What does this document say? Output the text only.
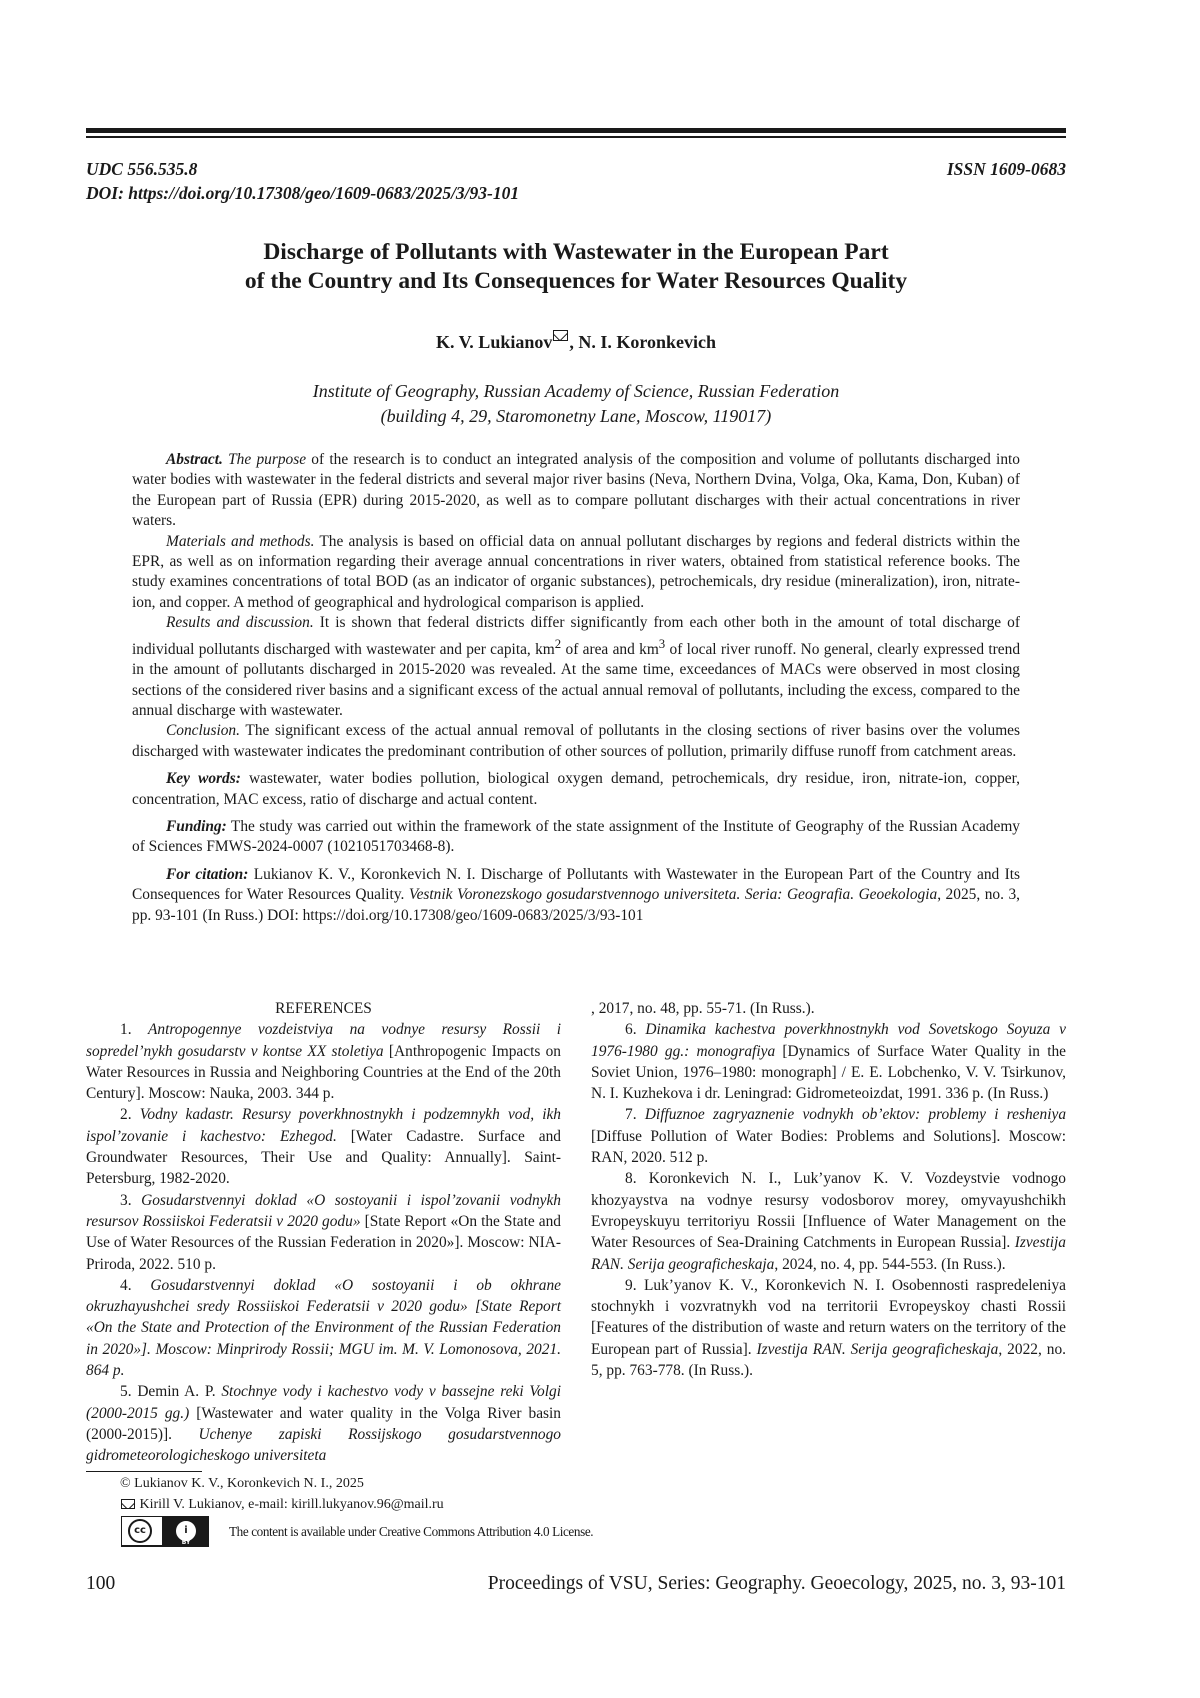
UDC 556.535.8
DOI: https://doi.org/10.17308/geo/1609-0683/2025/3/93-101
ISSN 1609-0683
Discharge of Pollutants with Wastewater in the European Part
of the Country and Its Consequences for Water Resources Quality
K. V. Lukianov , N. I. Koronkevich
Institute of Geography, Russian Academy of Science, Russian Federation
(building 4, 29, Staromonetny Lane, Moscow, 119017)

Abstract. The purpose of the research is to conduct an integrated analysis of the composition and volume of pollutants discharged into water bodies with wastewater in the federal districts and several major river basins (Neva, Northern Dvina, Volga, Oka, Kama, Don, Kuban) of the European part of Russia (EPR) during 2015-2020, as well as to compare pollutant discharges with their actual concentrations in river waters.

Materials and methods. The analysis is based on official data on annual pollutant discharges by regions and federal districts within the EPR, as well as on information regarding their average annual concentrations in river waters, obtained from statistical reference books. The study examines concentrations of total BOD (as an indicator of organic substances), petrochemicals, dry residue (mineralization), iron, nitrate-ion, and copper. A method of geographical and hydrological comparison is applied.

Results and discussion. It is shown that federal districts differ significantly from each other both in the amount of total discharge of individual pollutants discharged with wastewater and per capita, $km^2$ of area and $km^3$ of local river runoff. No general, clearly expressed trend in the amount of pollutants discharged in 2015-2020 was revealed. At the same time, exceedances of MACs were observed in most closing sections of the considered river basins and a significant excess of the actual annual removal of pollutants, including the excess, compared to the annual discharge with wastewater.

Conclusion. The significant excess of the actual annual removal of pollutants in the closing sections of river basins over the volumes discharged with wastewater indicates the predominant contribution of other sources of pollution, primarily diffuse runoff from catchment areas.

Key words: wastewater, water bodies pollution, biological oxygen demand, petrochemicals, dry residue, iron, nitrate-ion, copper, concentration, MAC excess, ratio of discharge and actual content.

Funding: The study was carried out within the framework of the state assignment of the Institute of Geography of the Russian Academy of Sciences FMWS-2024-0007 (1021051703468-8).

For citation: Lukianov K. V., Koronkevich N. I. Discharge of Pollutants with Wastewater in the European Part of the Country and Its Consequences for Water Resources Quality. Vestnik Voronezskogo gosudarstvennogo universiteta. Seria: Geografia. Geoekologia, 2025, no. 3, pp. 93-101 (In Russ.) DOI: https://doi.org/10.17308/geo/1609-0683/2025/3/93-101

REFERENCES

1. Antropogennye vozdeistviya na vodnye resursy Rossii i sopredel’nykh gosudarstv v kontse XX stoletiya [Anthropogenic Impacts on Water Resources in Russia and Neighboring Countries at the End of the 20th Century]. Moscow: Nauka, 2003. 344 p.

2. Vodny kadastr. Resursy poverkhnostnykh i podzemnykh vod, ikh ispol’zovanie i kachestvo: Ezhegod. [Water Cadastre. Surface and Groundwater Resources, Their Use and Quality: Annually]. Saint-Petersburg, 1982-2020.

3. Gosudarstvennyi doklad «O sostoyanii i ispol’zovanii vodnykh resursov Rossiiskoi Federatsii v 2020 godu» [State Report «On the State and Use of Water Resources of the Russian Federation in 2020»]. Moscow: NIA-Priroda, 2022. 510 p.

4. Gosudarstvennyi doklad «O sostoyanii i ob okhrane okruzhayushchei sredy Rossiiskoi Federatsii v 2020 godu» [State Report «On the State and Protection of the Environment of the Russian Federation in 2020»]. Moscow: Minprirody Rossii; MGU im. M. V. Lomonosova, 2021. 864 p.

5. Demin A. P. Stochnye vody i kachestvo vody v bassejne reki Volgi (2000-2015 gg.) [Wastewater and water quality in the Volga River basin (2000-2015)]. Uchenye zapiski Rossijskogo gosudarstvennogo gidrometeorologicheskogo universiteta

, 2017, no. 48, pp. 55-71. (In Russ.).

6. Dinamika kachestva poverkhnostnykh vod Sovetskogo Soyuza v 1976-1980 gg.: monografiya [Dynamics of Surface Water Quality in the Soviet Union, 1976–1980: monograph] / E. E. Lobchenko, V. V. Tsirkunov, N. I. Kuzhekova i dr. Leningrad: Gidrometeoizdat, 1991. 336 p. (In Russ.)

7. Diffuznoe zagryaznenie vodnykh ob’ektov: problemy i resheniya [Diffuse Pollution of Water Bodies: Problems and Solutions]. Moscow: RAN, 2020. 512 p.

8. Koronkevich N. I., Luk’yanov K. V. Vozdeystvie vodnogo khozyaystva na vodnye resursy vodosborov morey, omyvayushchikh Evropeyskuyu territoriyu Rossii [Influence of Water Management on the Water Resources of Sea-Draining Catchments in European Russia]. Izvestija RAN. Serija geograficheskaja, 2024, no. 4, pp. 544-553. (In Russ.).

9. Luk’yanov K. V., Koronkevich N. I. Osobennosti raspredeleniya stochnykh i vozvratnykh vod na territorii Evropeyskoy chasti Rossii [Features of the distribution of waste and return waters on the territory of the European part of Russia]. Izvestija RAN. Serija geograficheskaja, 2022, no. 5, pp. 763-778. (In Russ.).

© Lukianov K. V., Koronkevich N. I., 2025
Kirill V. Lukianov, e-mail: kirill.lukyanov.96@mail.ru
cc	i
BY
The content is available under Creative Commons Attribution 4.0 License.
100	Proceedings of VSU, Series: Geography. Geoecology, 2025, no. 3, 93-101
